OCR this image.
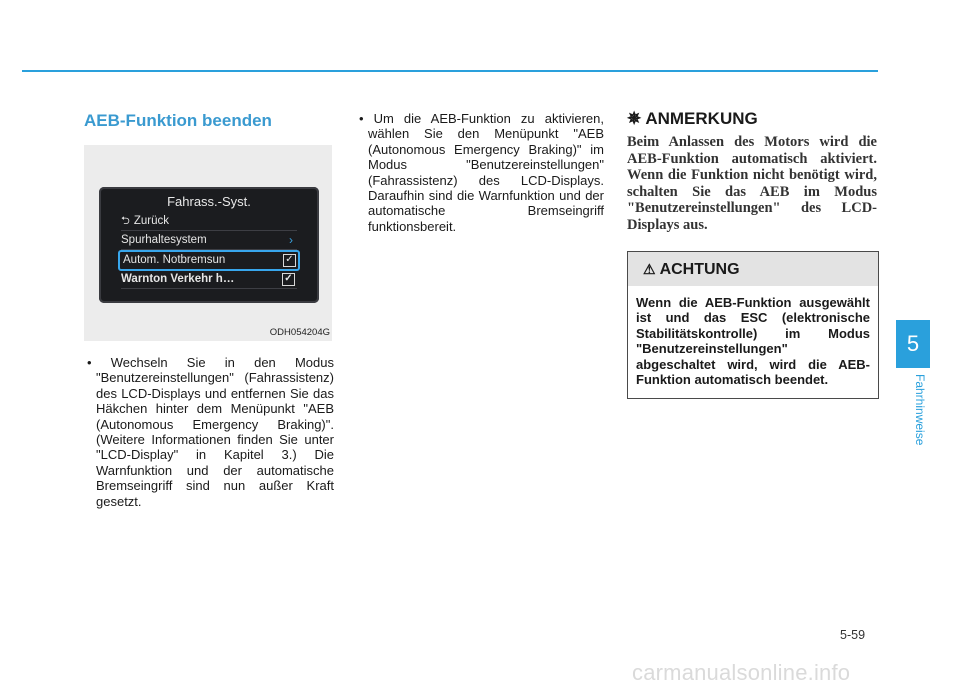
AEB-Funktion beenden
Fahrass.-Syst.
⮌ Zurück
Spurhaltesystem	›
Autom. Notbremsun	✓
Warnton Verkehr h…	✓
ODH054204G
• Wechseln Sie in den Modus "Benutzereinstellungen" (Fahrassistenz) des LCD-Displays und entfernen Sie das Häkchen hinter dem Menüpunkt "AEB (Autonomous Emergency Braking)". (Weitere Informationen finden Sie unter "LCD-Display" in Kapitel 3.) Die Warnfunktion und der automatische Bremseingriff sind nun außer Kraft gesetzt.
• Um die AEB-Funktion zu aktivieren, wählen Sie den Menüpunkt "AEB (Autonomous Emergency Braking)" im Modus "Benutzereinstellungen" (Fahrassistenz) des LCD-Displays. Daraufhin sind die Warnfunktion und der automatische Bremseingriff funktionsbereit.
✵ ANMERKUNG
Beim Anlassen des Motors wird die AEB-Funktion automatisch aktiviert. Wenn die Funktion nicht benötigt wird, schalten Sie das AEB im Modus "Benutzereinstellungen" des LCD-Displays aus.
⚠ ACHTUNG
Wenn die AEB-Funktion ausgewählt ist und das ESC (elektronische Stabilitätskontrolle) im Modus "Benutzereinstellungen" abgeschaltet wird, wird die AEB-Funktion automatisch beendet.
5
Fahrhinweise
5-59
carmanualsonline.info
